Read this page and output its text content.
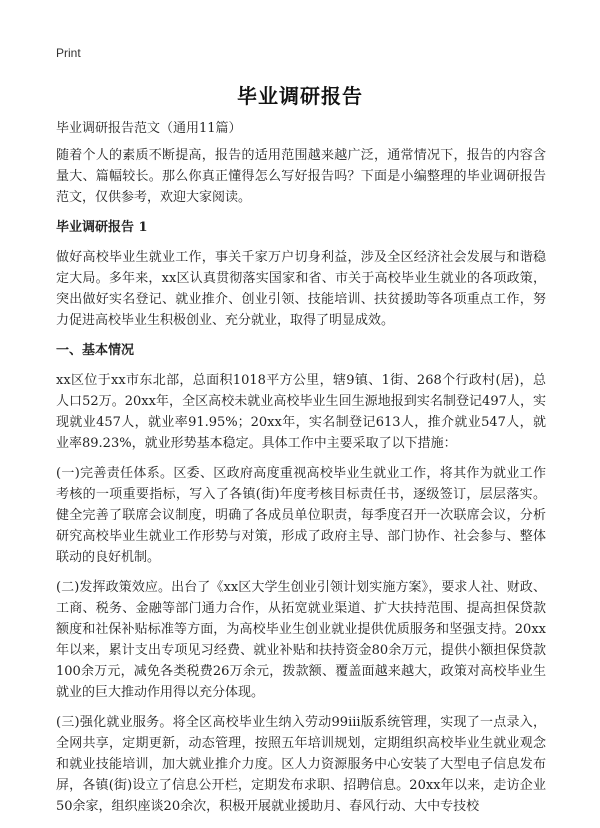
Print
毕业调研报告

毕业调研报告范文（通用11篇）

随着个人的素质不断提高，报告的适用范围越来越广泛，通常情况下，报告的内容含量大、篇幅较长。那么你真正懂得怎么写好报告吗？下面是小编整理的毕业调研报告范文，仅供参考，欢迎大家阅读。

毕业调研报告 1

做好高校毕业生就业工作，事关千家万户切身利益，涉及全区经济社会发展与和谐稳定大局。多年来，xx区认真贯彻落实国家和省、市关于高校毕业生就业的各项政策，突出做好实名登记、就业推介、创业引领、技能培训、扶贫援助等各项重点工作，努力促进高校毕业生积极创业、充分就业，取得了明显成效。

一、基本情况

xx区位于xx市东北部，总面积1018平方公里，辖9镇、1街、268个行政村(居)，总人口52万。20xx年，全区高校未就业高校毕业生回生源地报到实名制登记497人，实现就业457人，就业率91.95%；20xx年，实名制登记613人，推介就业547人，就业率89.23%，就业形势基本稳定。具体工作中主要采取了以下措施：

(一)完善责任体系。区委、区政府高度重视高校毕业生就业工作，将其作为就业工作考核的一项重要指标，写入了各镇(街)年度考核目标责任书，逐级签订，层层落实。健全完善了联席会议制度，明确了各成员单位职责，每季度召开一次联席会议，分析研究高校毕业生就业工作形势与对策，形成了政府主导、部门协作、社会参与、整体联动的良好机制。

(二)发挥政策效应。出台了《xx区大学生创业引领计划实施方案》，要求人社、财政、工商、税务、金融等部门通力合作，从拓宽就业渠道、扩大扶持范围、提高担保贷款额度和社保补贴标准等方面，为高校毕业生创业就业提供优质服务和坚强支持。20xx年以来，累计支出专项见习经费、就业补贴和扶持资金80余万元，提供小额担保贷款100余万元，减免各类税费26万余元，拨款额、覆盖面越来越大，政策对高校毕业生就业的巨大推动作用得以充分体现。

(三)强化就业服务。将全区高校毕业生纳入劳动99iii版系统管理，实现了一点录入，全网共享，定期更新，动态管理，按照五年培训规划，定期组织高校毕业生就业观念和就业技能培训，加大就业推介力度。区人力资源服务中心安装了大型电子信息发布屏，各镇(街)设立了信息公开栏，定期发布求职、招聘信息。20xx年以来，走访企业50余家，组织座谈20余次，积极开展就业援助月、春风行动、大中专技校
